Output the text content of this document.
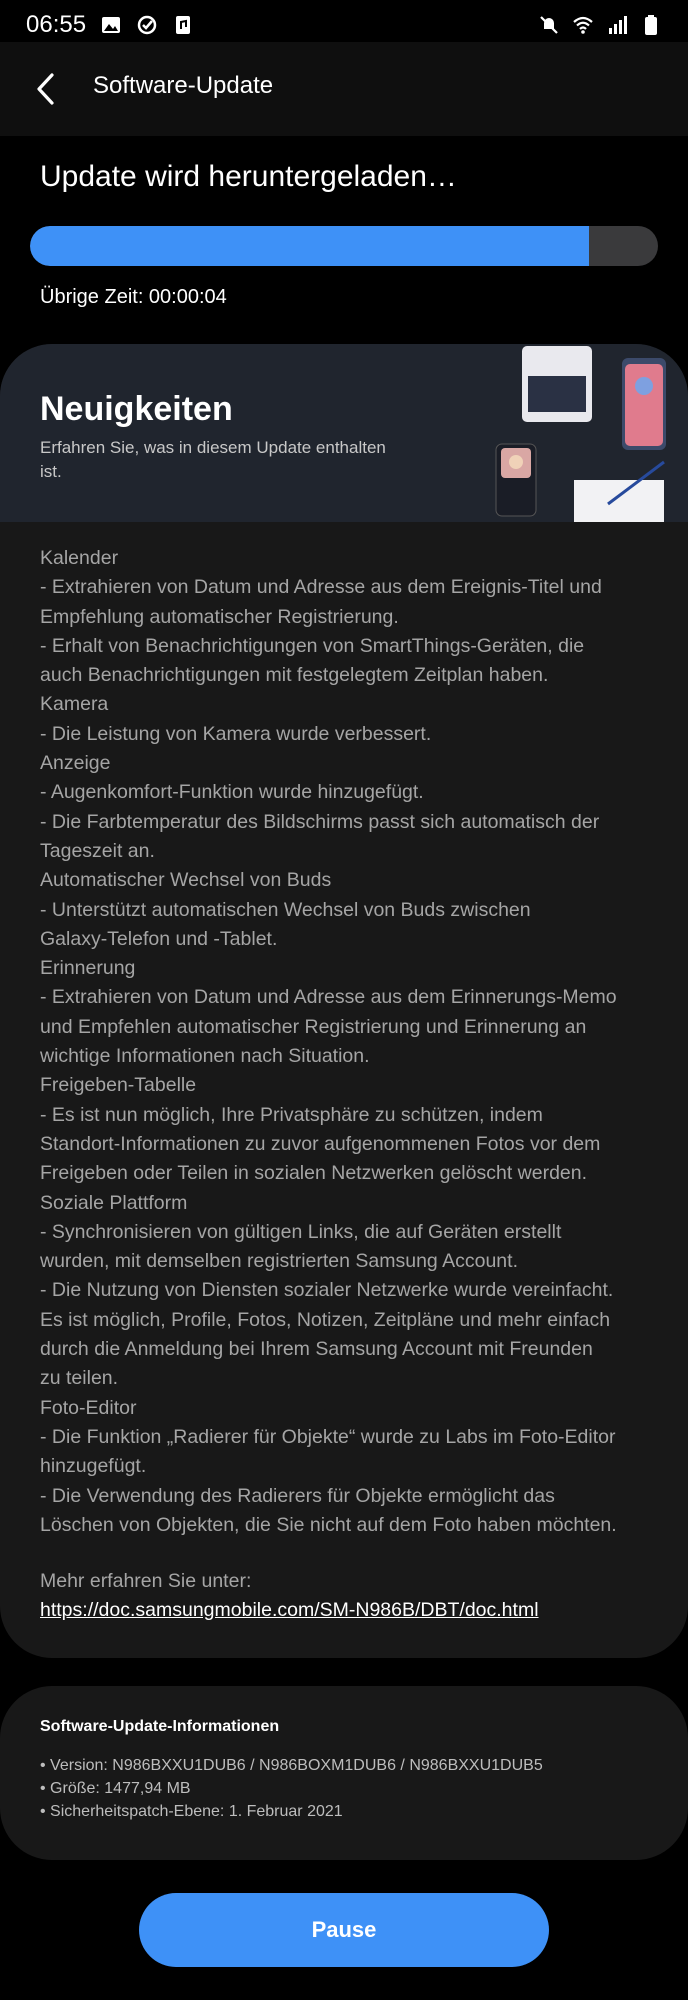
06:55
Software-Update
Update wird heruntergeladen…
Übrige Zeit: 00:00:04
Neuigkeiten
Erfahren Sie, was in diesem Update enthalten ist.
Kalender
- Extrahieren von Datum und Adresse aus dem Ereignis-Titel und
Empfehlung automatischer Registrierung.
- Erhalt von Benachrichtigungen von SmartThings-Geräten, die
auch Benachrichtigungen mit festgelegtem Zeitplan haben.
Kamera
- Die Leistung von Kamera wurde verbessert.
Anzeige
- Augenkomfort-Funktion wurde hinzugefügt.
- Die Farbtemperatur des Bildschirms passt sich automatisch der
Tageszeit an.
Automatischer Wechsel von Buds
- Unterstützt automatischen Wechsel von Buds zwischen
Galaxy-Telefon und -Tablet.
Erinnerung
- Extrahieren von Datum und Adresse aus dem Erinnerungs-Memo
und Empfehlen automatischer Registrierung und Erinnerung an
wichtige Informationen nach Situation.
Freigeben-Tabelle
- Es ist nun möglich, Ihre Privatsphäre zu schützen, indem
Standort-Informationen zu zuvor aufgenommenen Fotos vor dem
Freigeben oder Teilen in sozialen Netzwerken gelöscht werden.
Soziale Plattform
- Synchronisieren von gültigen Links, die auf Geräten erstellt
wurden, mit demselben registrierten Samsung Account.
- Die Nutzung von Diensten sozialer Netzwerke wurde vereinfacht.
Es ist möglich, Profile, Fotos, Notizen, Zeitpläne und mehr einfach
durch die Anmeldung bei Ihrem Samsung Account mit Freunden
zu teilen.
Foto-Editor
- Die Funktion „Radierer für Objekte“ wurde zu Labs im Foto-Editor
hinzugefügt.
- Die Verwendung des Radierers für Objekte ermöglicht das
Löschen von Objekten, die Sie nicht auf dem Foto haben möchten.
Mehr erfahren Sie unter:
https://doc.samsungmobile.com/SM-N986B/DBT/doc.html
Software-Update-Informationen
• Version: N986BXXU1DUB6 / N986BOXM1DUB6 / N986BXXU1DUB5
• Größe: 1477,94 MB
• Sicherheitspatch-Ebene: 1. Februar 2021
Pause
